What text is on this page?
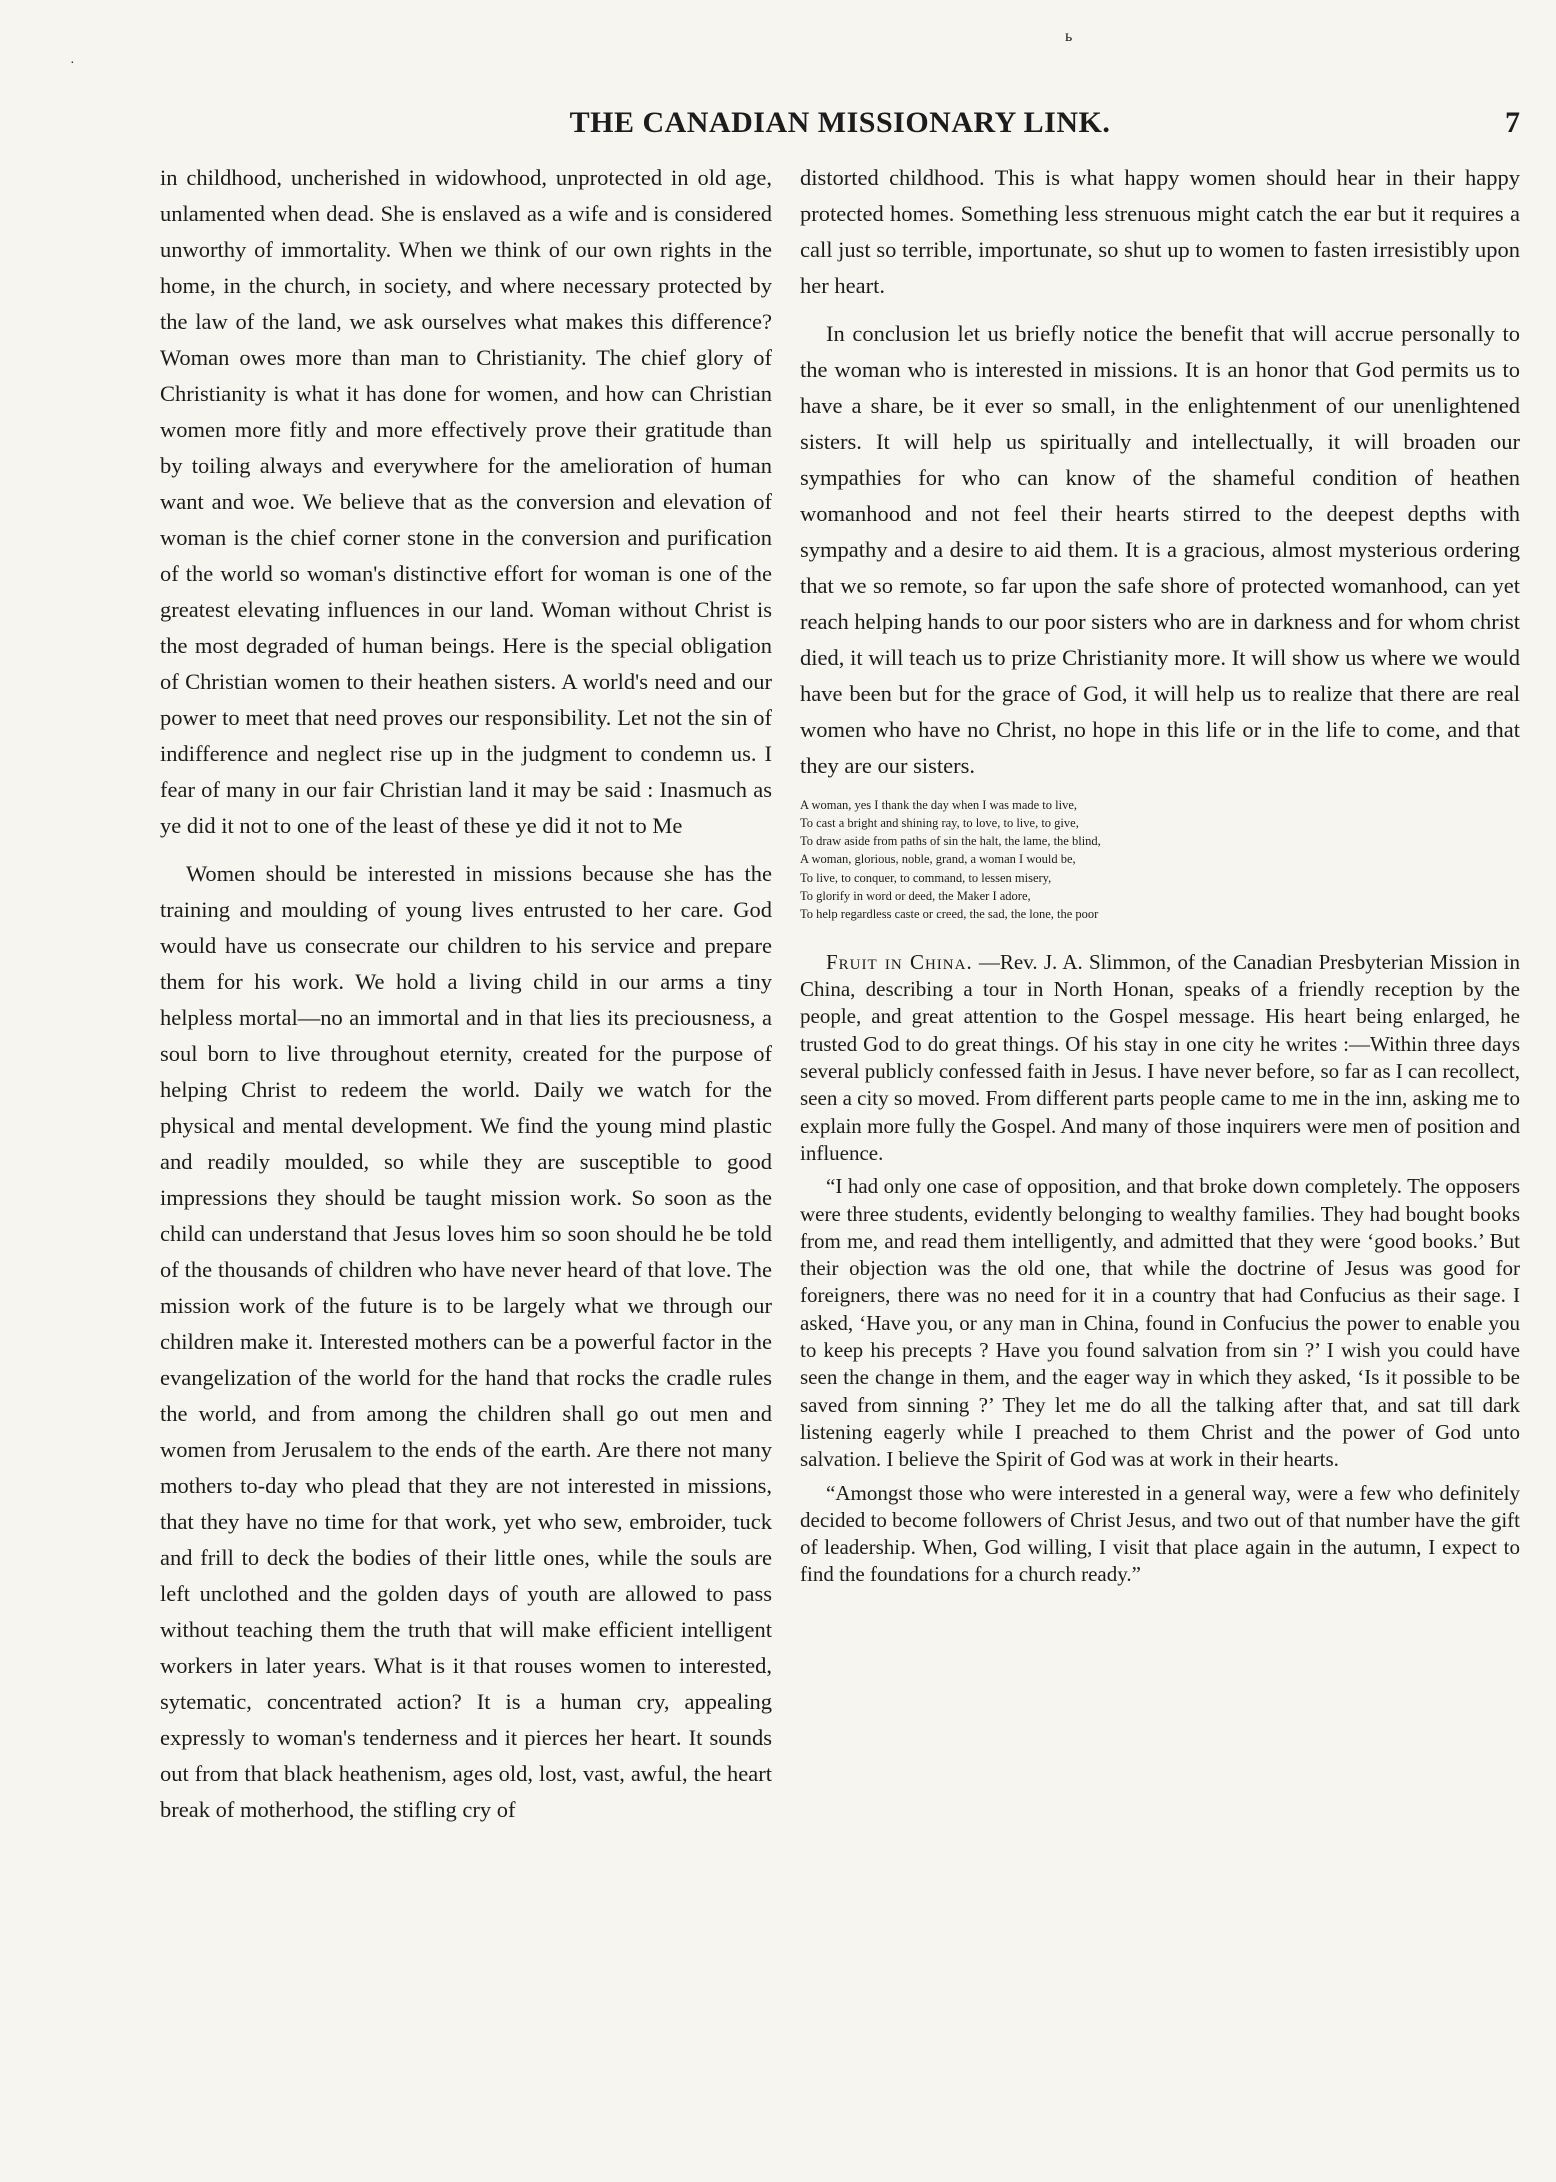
ь
·
THE CANADIAN MISSIONARY LINK.	7

in childhood, uncherished in widowhood, unprotected in old age, unlamented when dead. She is enslaved as a wife and is considered unworthy of immortality. When we think of our own rights in the home, in the church, in society, and where necessary protected by the law of the land, we ask ourselves what makes this difference? Woman owes more than man to Christianity. The chief glory of Christianity is what it has done for women, and how can Christian women more fitly and more effectively prove their gratitude than by toiling always and everywhere for the amelioration of human want and woe. We believe that as the conversion and elevation of woman is the chief corner stone in the conversion and purification of the world so woman's distinctive effort for woman is one of the greatest elevating influences in our land. Woman without Christ is the most degraded of human beings. Here is the special obligation of Christian women to their heathen sisters. A world's need and our power to meet that need proves our responsibility. Let not the sin of indifference and neglect rise up in the judgment to condemn us. I fear of many in our fair Christian land it may be said : Inasmuch as ye did it not to one of the least of these ye did it not to Me

Women should be interested in missions because she has the training and moulding of young lives entrusted to her care. God would have us consecrate our children to his service and prepare them for his work. We hold a living child in our arms a tiny helpless mortal—no an immortal and in that lies its preciousness, a soul born to live throughout eternity, created for the purpose of helping Christ to redeem the world. Daily we watch for the physical and mental development. We find the young mind plastic and readily moulded, so while they are susceptible to good impressions they should be taught mission work. So soon as the child can understand that Jesus loves him so soon should he be told of the thousands of children who have never heard of that love. The mission work of the future is to be largely what we through our children make it. Interested mothers can be a powerful factor in the evangelization of the world for the hand that rocks the cradle rules the world, and from among the children shall go out men and women from Jerusalem to the ends of the earth. Are there not many mothers to-day who plead that they are not interested in missions, that they have no time for that work, yet who sew, embroider, tuck and frill to deck the bodies of their little ones, while the souls are left unclothed and the golden days of youth are allowed to pass without teaching them the truth that will make efficient intelligent workers in later years. What is it that rouses women to interested, sytematic, concentrated action? It is a human cry, appealing expressly to woman's tenderness and it pierces her heart. It sounds out from that black heathenism, ages old, lost, vast, awful, the heart break of motherhood, the stifling cry of

distorted childhood. This is what happy women should hear in their happy protected homes. Something less strenuous might catch the ear but it requires a call just so terrible, importunate, so shut up to women to fasten irresistibly upon her heart.

In conclusion let us briefly notice the benefit that will accrue personally to the woman who is interested in missions. It is an honor that God permits us to have a share, be it ever so small, in the enlightenment of our unenlightened sisters. It will help us spiritually and intellectually, it will broaden our sympathies for who can know of the shameful condition of heathen womanhood and not feel their hearts stirred to the deepest depths with sympathy and a desire to aid them. It is a gracious, almost mysterious ordering that we so remote, so far upon the safe shore of protected womanhood, can yet reach helping hands to our poor sisters who are in darkness and for whom christ died, it will teach us to prize Christianity more. It will show us where we would have been but for the grace of God, it will help us to realize that there are real women who have no Christ, no hope in this life or in the life to come, and that they are our sisters.

A woman, yes I thank the day when I was made to live,
To cast a bright and shining ray, to love, to live, to give,
To draw aside from paths of sin the halt, the lame, the blind,
A woman, glorious, noble, grand, a woman I would be,
To live, to conquer, to command, to lessen misery,
To glorify in word or deed, the Maker I adore,
To help regardless caste or creed, the sad, the lone, the poor

Fruit in China. —Rev. J. A. Slimmon, of the Canadian Presbyterian Mission in China, describing a tour in North Honan, speaks of a friendly reception by the people, and great attention to the Gospel message. His heart being enlarged, he trusted God to do great things. Of his stay in one city he writes :—Within three days several publicly confessed faith in Jesus. I have never before, so far as I can recollect, seen a city so moved. From different parts people came to me in the inn, asking me to explain more fully the Gospel. And many of those inquirers were men of position and influence.

“I had only one case of opposition, and that broke down completely. The opposers were three students, evidently belonging to wealthy families. They had bought books from me, and read them intelligently, and admitted that they were ‘good books.’ But their objection was the old one, that while the doctrine of Jesus was good for foreigners, there was no need for it in a country that had Confucius as their sage. I asked, ‘Have you, or any man in China, found in Confucius the power to enable you to keep his precepts ? Have you found salvation from sin ?’ I wish you could have seen the change in them, and the eager way in which they asked, ‘Is it possible to be saved from sinning ?’ They let me do all the talking after that, and sat till dark listening eagerly while I preached to them Christ and the power of God unto salvation. I believe the Spirit of God was at work in their hearts.

“Amongst those who were interested in a general way, were a few who definitely decided to become followers of Christ Jesus, and two out of that number have the gift of leadership. When, God willing, I visit that place again in the autumn, I expect to find the foundations for a church ready.”
